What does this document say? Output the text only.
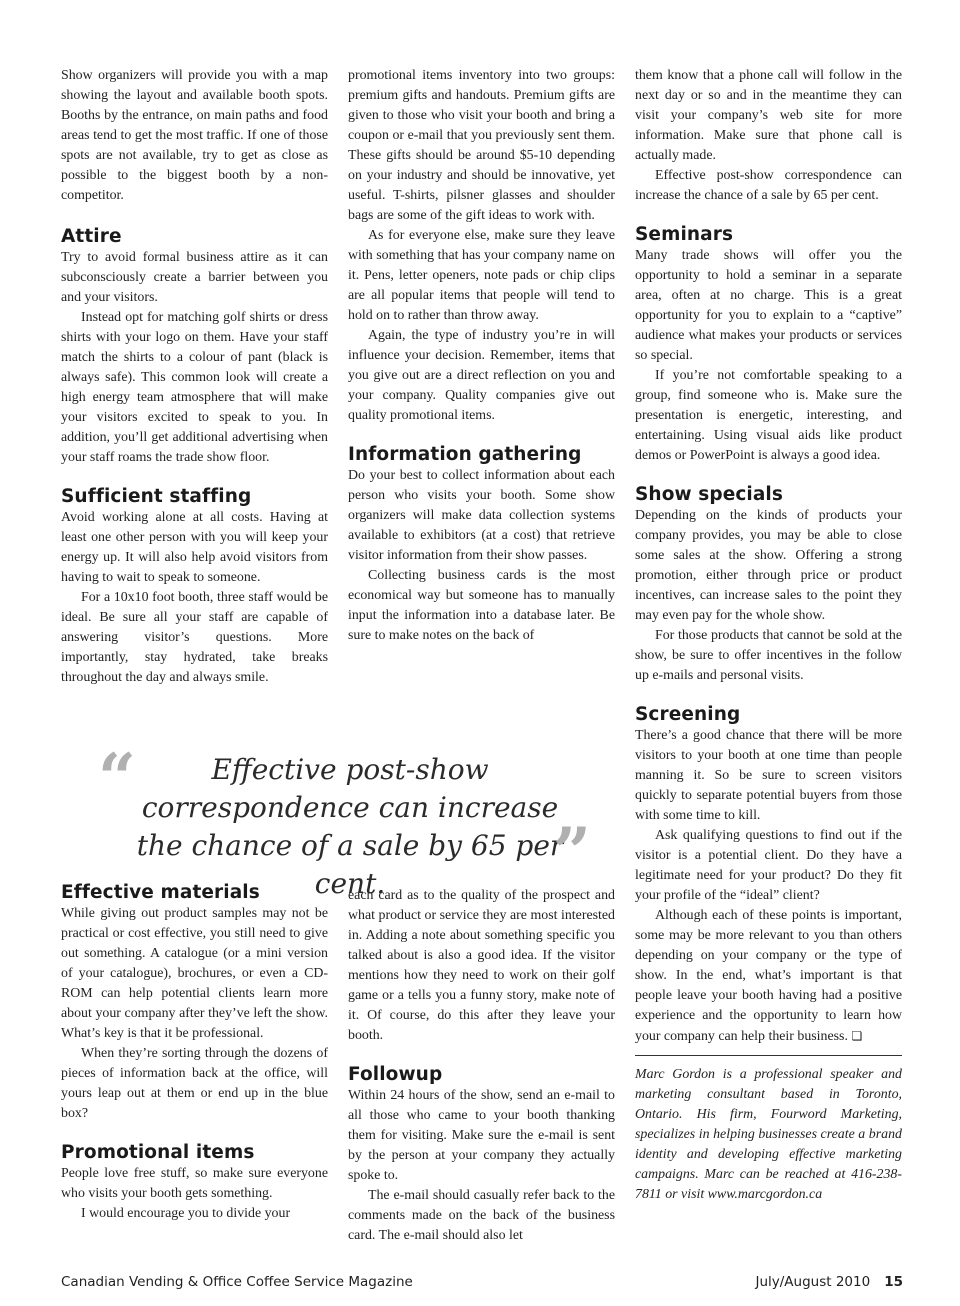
Show organizers will provide you with a map showing the layout and available booth spots. Booths by the entrance, on main paths and food areas tend to get the most traffic. If one of those spots are not available, try to get as close as possible to the biggest booth by a non-competitor.

Attire

Try to avoid formal business attire as it can subconsciously create a barrier between you and your visitors.

Instead opt for matching golf shirts or dress shirts with your logo on them. Have your staff match the shirts to a colour of pant (black is always safe). This common look will create a high energy team atmosphere that will make your visitors excited to speak to you. In addition, you’ll get additional advertising when your staff roams the trade show floor.

Sufficient staffing

Avoid working alone at all costs. Having at least one other person with you will keep your energy up. It will also help avoid visitors from having to wait to speak to someone.

For a 10x10 foot booth, three staff would be ideal. Be sure all your staff are capable of answering visitor’s questions. More importantly, stay hydrated, take breaks throughout the day and always smile.

Effective materials

While giving out product samples may not be practical or cost effective, you still need to give out something. A catalogue (or a mini version of your catalogue), brochures, or even a CD-ROM can help potential clients learn more about your company after they’ve left the show. What’s key is that it be professional.

When they’re sorting through the dozens of pieces of information back at the office, will yours leap out at them or end up in the blue box?

Promotional items

People love free stuff, so make sure everyone who visits your booth gets something.

I would encourage you to divide your

promotional items inventory into two groups: premium gifts and handouts. Premium gifts are given to those who visit your booth and bring a coupon or e-mail that you previously sent them. These gifts should be around $5-10 depending on your industry and should be innovative, yet useful. T-shirts, pilsner glasses and shoulder bags are some of the gift ideas to work with.

As for everyone else, make sure they leave with something that has your company name on it. Pens, letter openers, note pads or chip clips are all popular items that people will tend to hold on to rather than throw away.

Again, the type of industry you’re in will influence your decision. Remember, items that you give out are a direct reflection on you and your company. Quality companies give out quality promotional items.

Information gathering

Do your best to collect information about each person who visits your booth. Some show organizers will make data collection systems available to exhibitors (at a cost) that retrieve visitor information from their show passes.

Collecting business cards is the most economical way but someone has to manually input the information into a database later. Be sure to make notes on the back of

each card as to the quality of the prospect and what product or service they are most interested in. Adding a note about something specific you talked about is also a good idea. If the visitor mentions how they need to work on their golf game or a tells you a funny story, make note of it. Of course, do this after they leave your booth.

Followup

Within 24 hours of the show, send an e-mail to all those who came to your booth thanking them for visiting. Make sure the e-mail is sent by the person at your company they actually spoke to.

The e-mail should casually refer back to the comments made on the back of the business card. The e-mail should also let

them know that a phone call will follow in the next day or so and in the meantime they can visit your company’s web site for more information. Make sure that phone call is actually made.

Effective post-show correspondence can increase the chance of a sale by 65 per cent.

Seminars

Many trade shows will offer you the opportunity to hold a seminar in a separate area, often at no charge. This is a great opportunity for you to explain to a “captive” audience what makes your products or services so special.

If you’re not comfortable speaking to a group, find someone who is. Make sure the presentation is energetic, interesting, and entertaining. Using visual aids like product demos or PowerPoint is always a good idea.

Show specials

Depending on the kinds of products your company provides, you may be able to close some sales at the show. Offering a strong promotion, either through price or product incentives, can increase sales to the point they may even pay for the whole show.

For those products that cannot be sold at the show, be sure to offer incentives in the follow up e-mails and personal visits.

Screening

There’s a good chance that there will be more visitors to your booth at one time than people manning it. So be sure to screen visitors quickly to separate potential buyers from those with some time to kill.

Ask qualifying questions to find out if the visitor is a potential client. Do they have a legitimate need for your product? Do they fit your profile of the “ideal” client?

Although each of these points is important, some may be more relevant to you than others depending on your company or the type of show. In the end, what’s important is that people leave your booth having had a positive experience and the opportunity to learn how your company can help their business. ❏

Marc Gordon is a professional speaker and marketing consultant based in Toronto, Ontario. His firm, Fourword Marketing, specializes in helping businesses create a brand identity and developing effective marketing campaigns. Marc can be reached at 416-238-7811 or visit www.marcgordon.ca

“	Effective post-show correspondence can increase the chance of a sale by 65 per cent.	”
Canadian Vending & Office Coffee Service Magazine	July/August 2010 15
